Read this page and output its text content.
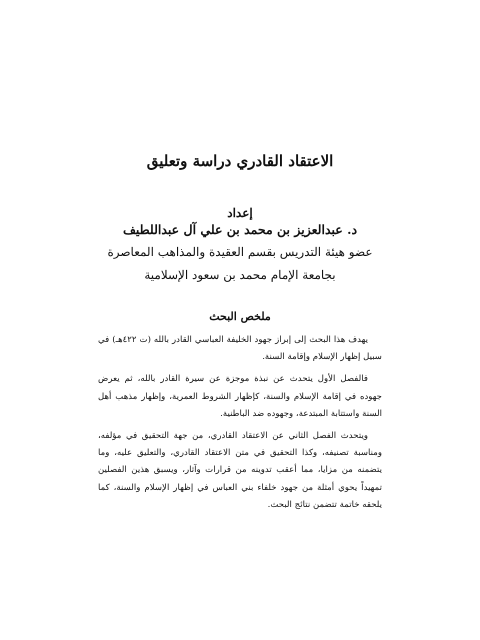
الاعتقاد القادري دراسة وتعليق
إعداد
د. عبدالعزيز بن محمد بن علي آل عبداللطيف
عضو هيئة التدريس بقسم العقيدة والمذاهب المعاصرة
بجامعة الإمام محمد بن سعود الإسلامية
ملخص البحث

يهدف هذا البحث إلى إبراز جهود الخليفة العباسي القادر بالله (ت ٤٢٢هـ) في سبيل إظهار الإسلام وإقامة السنة.

فالفصل الأول يتحدث عن نبذة موجزة عن سيرة القادر بالله، ثم يعرض جهوده في إقامة الإسلام والسنة، كإظهار الشروط العمرية، وإظهار مذهب أهل السنة واستتابة المبتدعة، وجهوده ضد الباطنية.

ويتحدث الفصل الثاني عن الاعتقاد القادري، من جهة التحقيق في مؤلفه، ومناسبة تصنيفه، وكذا التحقيق في متن الاعتقاد القادري، والتعليق عليه، وما يتضمنه من مزايا، مما أعقب تدوينه من قرارات وآثار، ويسبق هذين الفصلين تمهيداً يحوي أمثلة من جهود خلفاء بني العباس في إظهار الإسلام والسنة، كما يلحقه خاتمة تتضمن نتائج البحث.
